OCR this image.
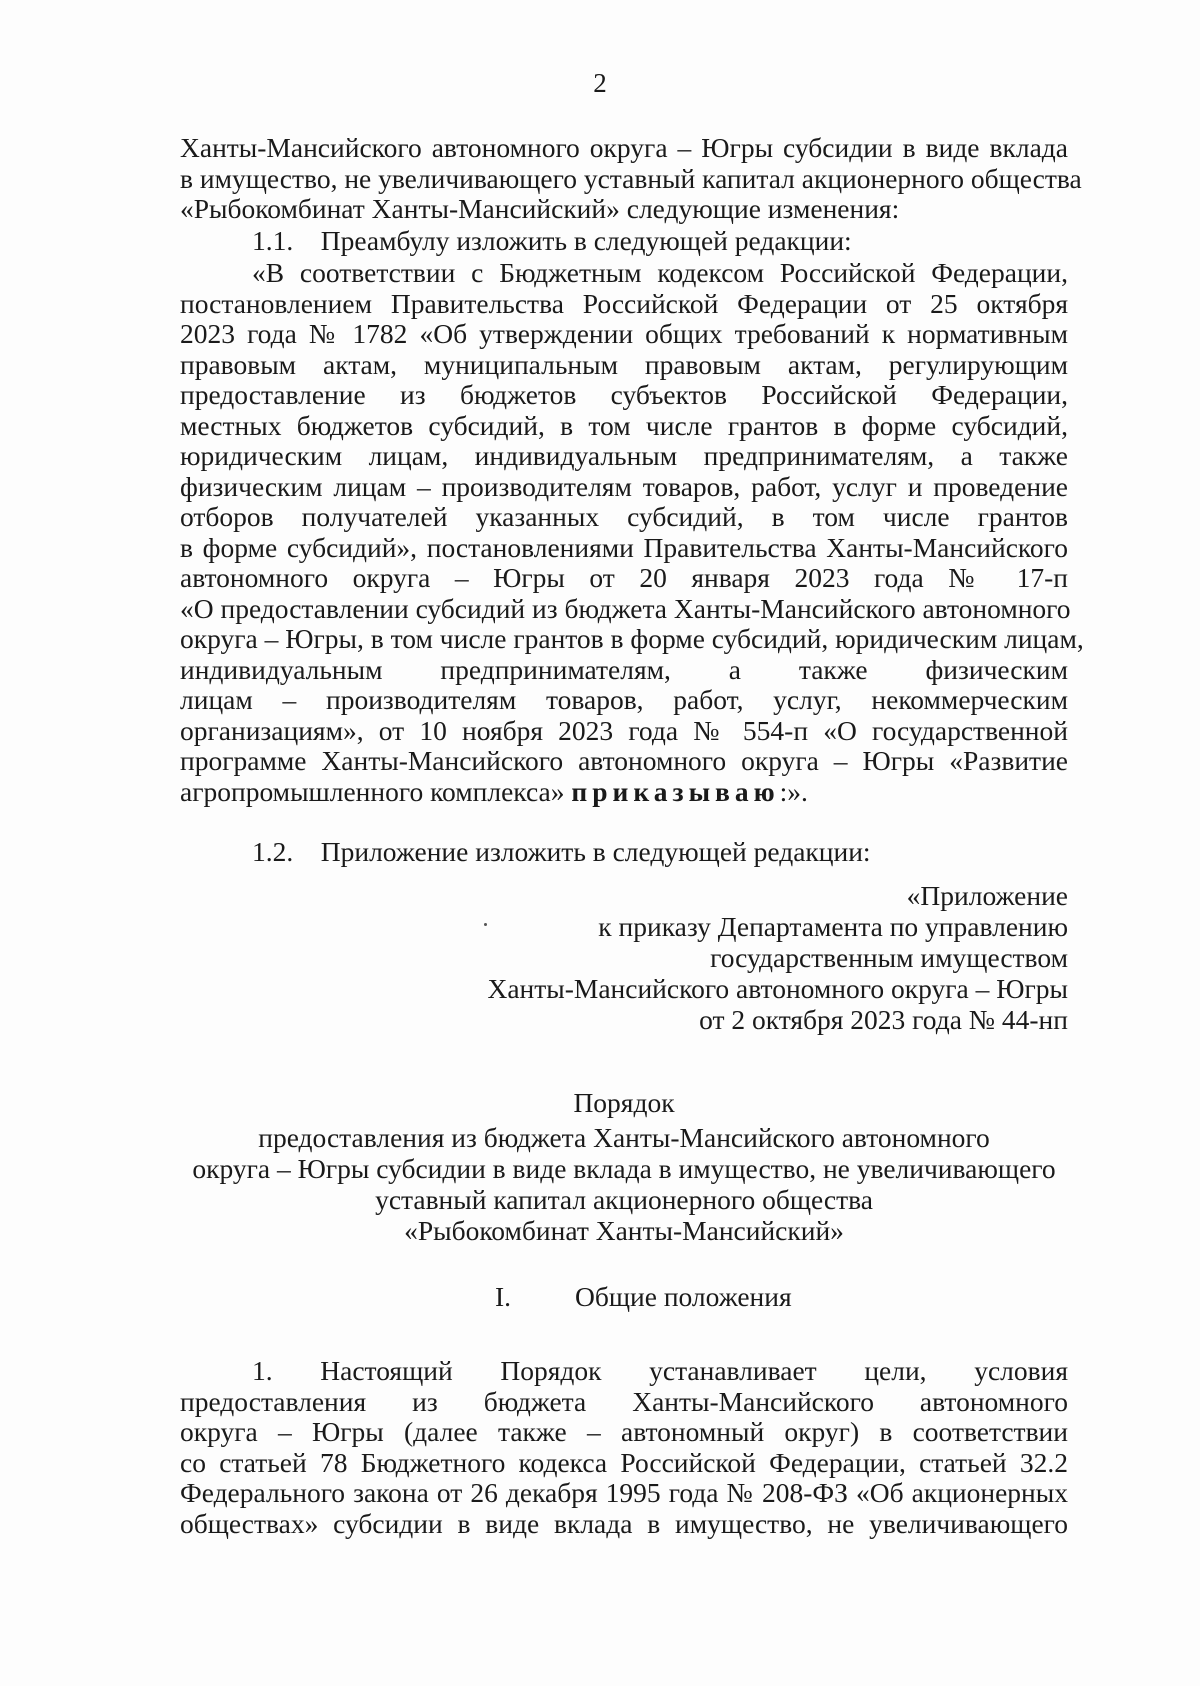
2
Ханты-Мансийского автономного округа – Югры субсидии в виде вклада
в имущество, не увеличивающего уставный капитал акционерного общества
«Рыбокомбинат Ханты-Мансийский» следующие изменения:
1.1.    Преамбулу изложить в следующей редакции:
«В соответствии с Бюджетным кодексом Российской Федерации,
постановлением Правительства Российской Федерации от 25 октября
2023 года № 1782 «Об утверждении общих требований к нормативным
правовым актам, муниципальным правовым актам, регулирующим
предоставление из бюджетов субъектов Российской Федерации,
местных бюджетов субсидий, в том числе грантов в форме субсидий,
юридическим лицам, индивидуальным предпринимателям, а также
физическим лицам – производителям товаров, работ, услуг и проведение
отборов получателей указанных субсидий, в том числе грантов
в форме субсидий», постановлениями Правительства Ханты-Мансийского
автономного округа – Югры от 20 января 2023 года № 17-п
«О предоставлении субсидий из бюджета Ханты-Мансийского автономного
округа – Югры, в том числе грантов в форме субсидий, юридическим лицам,
индивидуальным предпринимателям, а также физическим
лицам – производителям товаров, работ, услуг, некоммерческим
организациям», от 10 ноября 2023 года № 554-п «О государственной
программе Ханты-Мансийского автономного округа – Югры «Развитие
агропромышленного комплекса» приказываю:».
1.2.    Приложение изложить в следующей редакции:
«Приложение
к приказу Департамента по управлению
государственным имуществом
Ханты-Мансийского автономного округа – Югры
от 2 октября 2023 года № 44-нп
Порядок
предоставления из бюджета Ханты-Мансийского автономного
округа – Югры субсидии в виде вклада в имущество, не увеличивающего
уставный капитал акционерного общества
«Рыбокомбинат Ханты-Мансийский»
I. Общие положения
1.    Настоящий    Порядок    устанавливает    цели,    условия
предоставления из бюджета Ханты-Мансийского автономного
округа – Югры (далее также – автономный округ) в соответствии
со статьей 78 Бюджетного кодекса Российской Федерации, статьей 32.2
Федерального закона от 26 декабря 1995 года № 208-ФЗ «Об акционерных
обществах» субсидии в виде вклада в имущество, не увеличивающего
